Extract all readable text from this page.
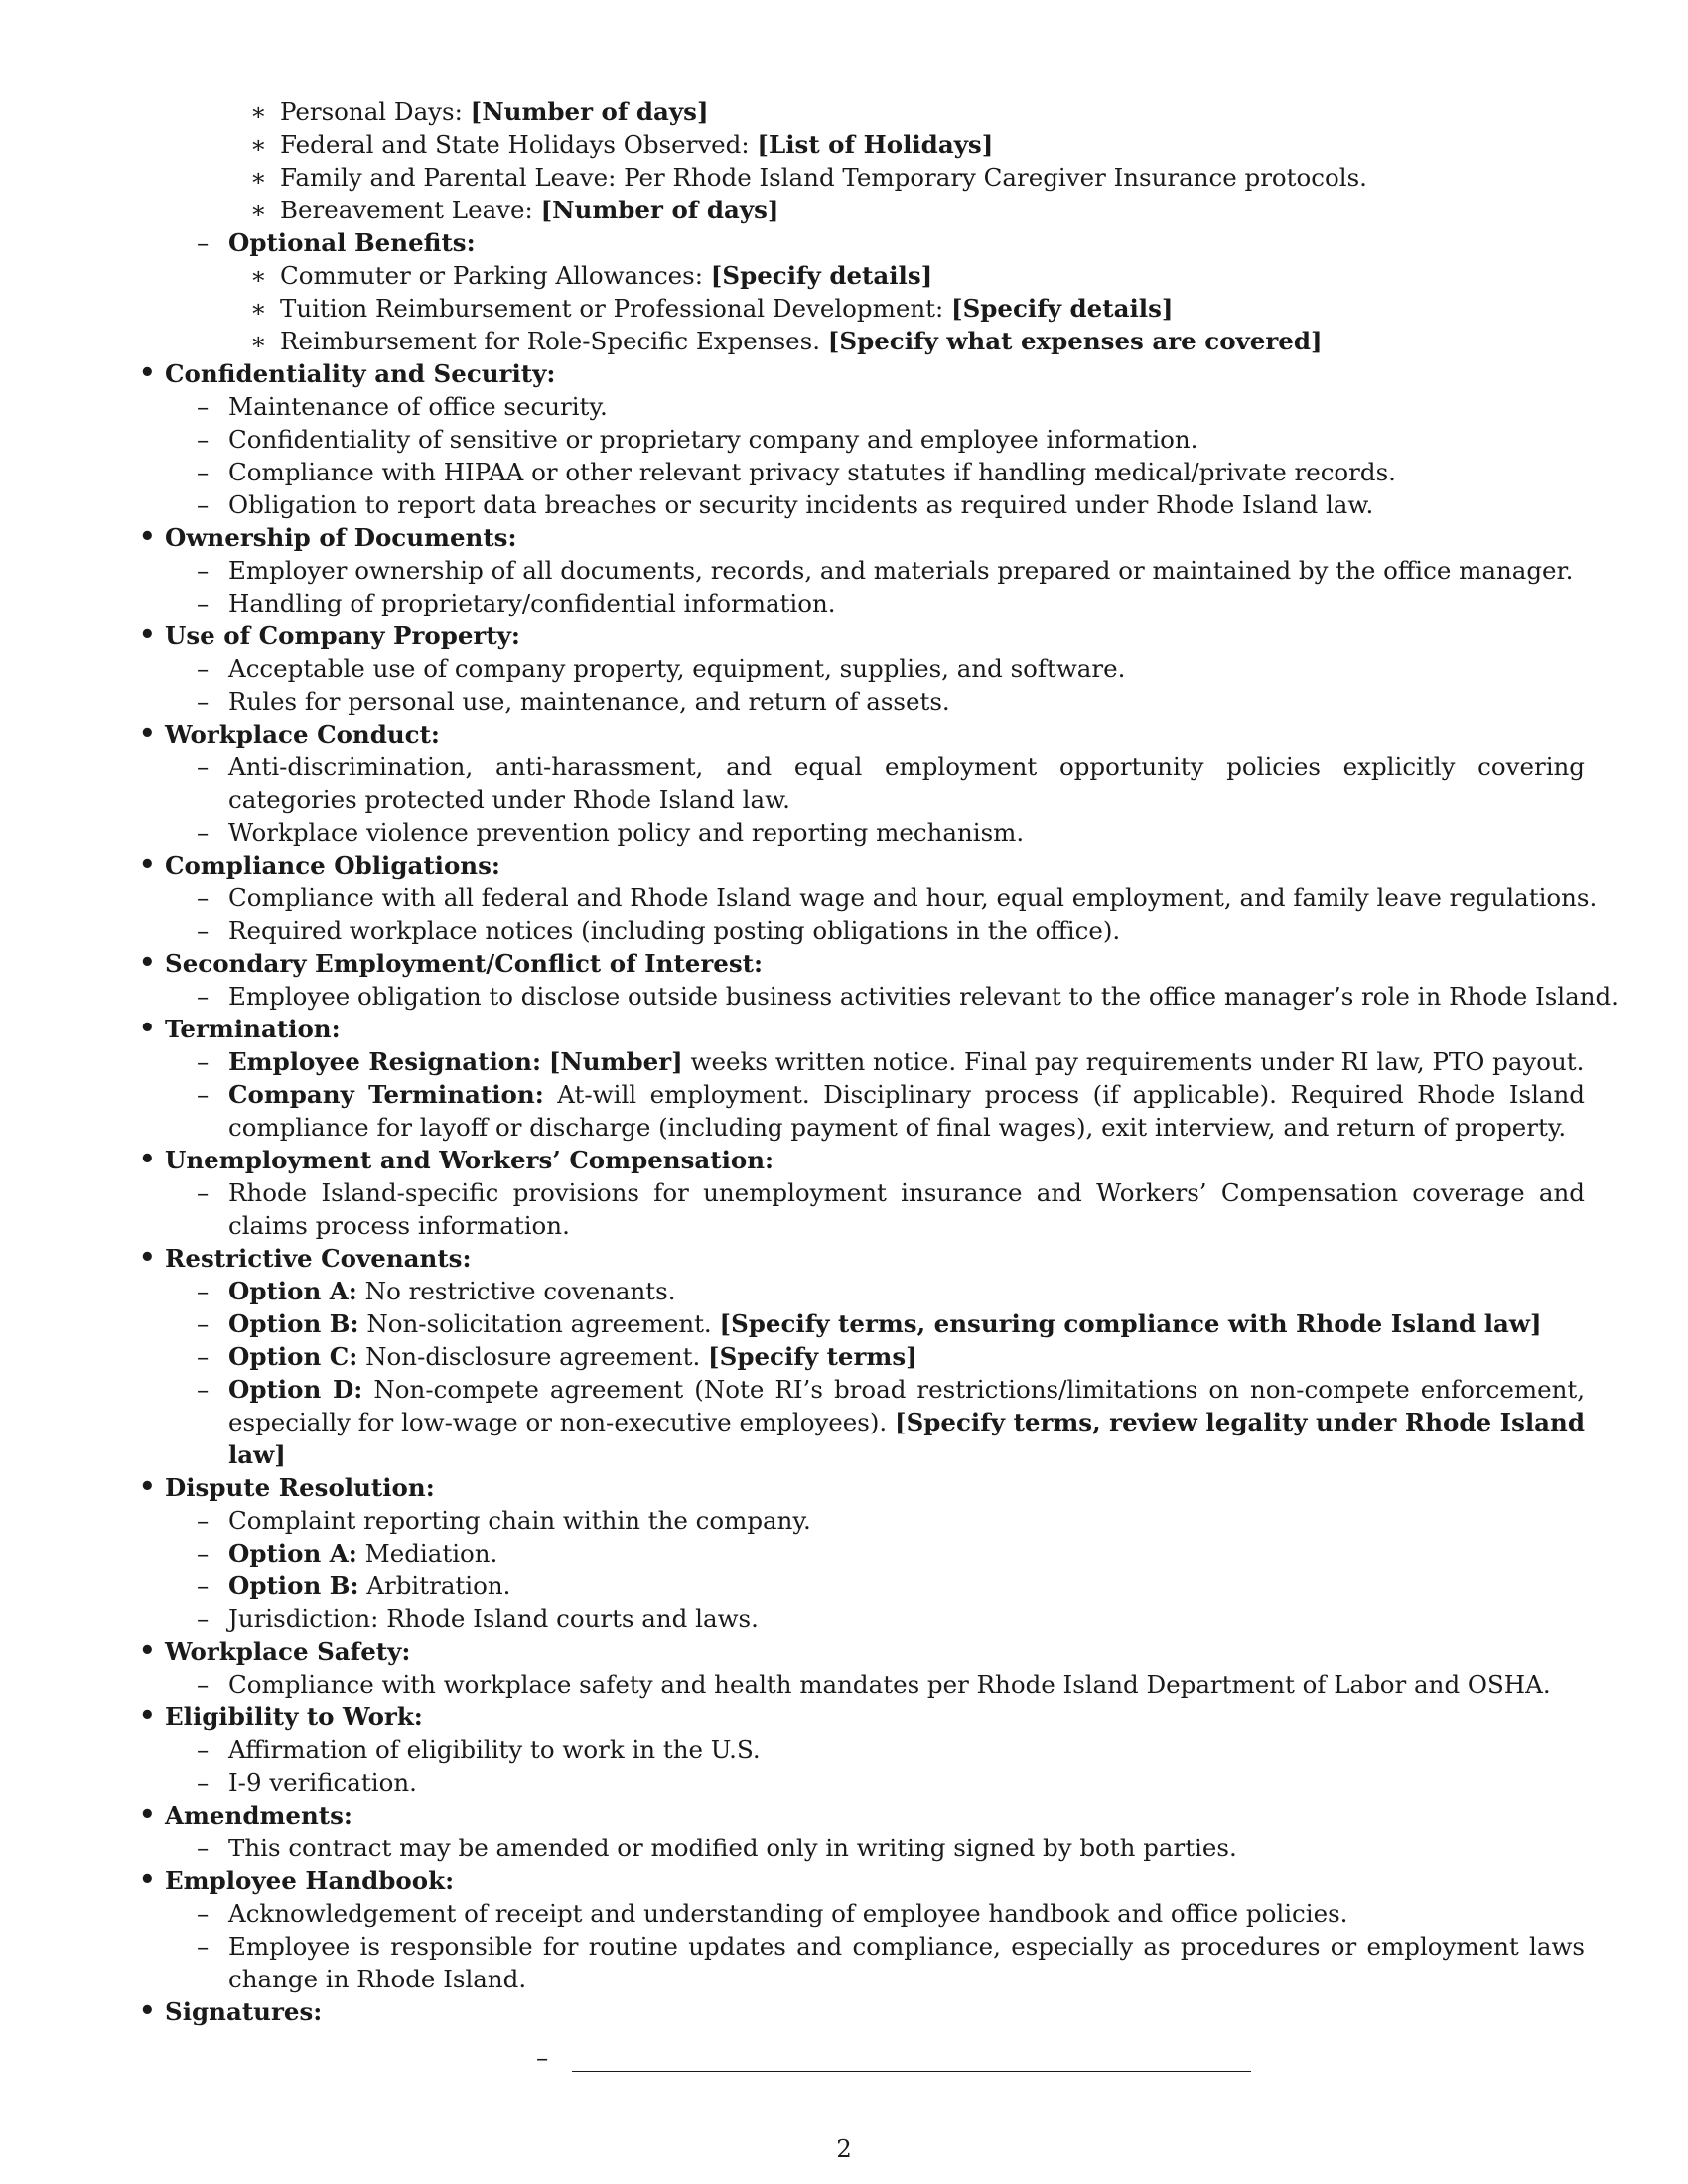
∗ Personal Days: [Number of days]
∗ Federal and State Holidays Observed: [List of Holidays]
∗ Family and Parental Leave: Per Rhode Island Temporary Caregiver Insurance protocols.
∗ Bereavement Leave: [Number of days]
– Optional Benefits:
∗ Commuter or Parking Allowances: [Specify details]
∗ Tuition Reimbursement or Professional Development: [Specify details]
∗ Reimbursement for Role-Specific Expenses. [Specify what expenses are covered]
• Confidentiality and Security:
– Maintenance of office security.
– Confidentiality of sensitive or proprietary company and employee information.
– Compliance with HIPAA or other relevant privacy statutes if handling medical/private records.
– Obligation to report data breaches or security incidents as required under Rhode Island law.
• Ownership of Documents:
– Employer ownership of all documents, records, and materials prepared or maintained by the office manager.
– Handling of proprietary/confidential information.
• Use of Company Property:
– Acceptable use of company property, equipment, supplies, and software.
– Rules for personal use, maintenance, and return of assets.
• Workplace Conduct:
– Anti-discrimination, anti-harassment, and equal employment opportunity policies explicitly covering categories protected under Rhode Island law.
– Workplace violence prevention policy and reporting mechanism.
• Compliance Obligations:
– Compliance with all federal and Rhode Island wage and hour, equal employment, and family leave regulations.
– Required workplace notices (including posting obligations in the office).
• Secondary Employment/Conflict of Interest:
– Employee obligation to disclose outside business activities relevant to the office manager’s role in Rhode Island.
• Termination:
– Employee Resignation: [Number] weeks written notice. Final pay requirements under RI law, PTO payout.
– Company Termination: At-will employment. Disciplinary process (if applicable). Required Rhode Island compliance for layoff or discharge (including payment of final wages), exit interview, and return of property.
• Unemployment and Workers’ Compensation:
– Rhode Island-specific provisions for unemployment insurance and Workers’ Compensation coverage and claims process information.
• Restrictive Covenants:
– Option A: No restrictive covenants.
– Option B: Non-solicitation agreement. [Specify terms, ensuring compliance with Rhode Island law]
– Option C: Non-disclosure agreement. [Specify terms]
– Option D: Non-compete agreement (Note RI’s broad restrictions/limitations on non-compete enforcement, especially for low-wage or non-executive employees). [Specify terms, review legality under Rhode Island law]
• Dispute Resolution:
– Complaint reporting chain within the company.
– Option A: Mediation.
– Option B: Arbitration.
– Jurisdiction: Rhode Island courts and laws.
• Workplace Safety:
– Compliance with workplace safety and health mandates per Rhode Island Department of Labor and OSHA.
• Eligibility to Work:
– Affirmation of eligibility to work in the U.S.
– I-9 verification.
• Amendments:
– This contract may be amended or modified only in writing signed by both parties.
• Employee Handbook:
– Acknowledgement of receipt and understanding of employee handbook and office policies.
– Employee is responsible for routine updates and compliance, especially as procedures or employment laws change in Rhode Island.
• Signatures:
–
2
